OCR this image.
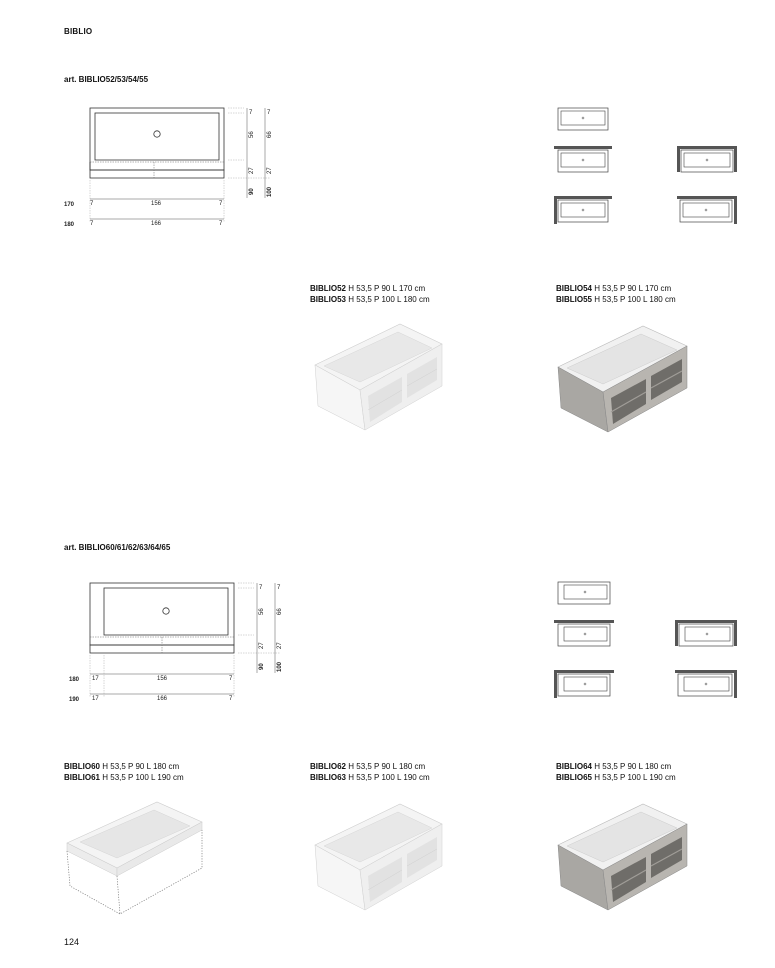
BIBLIO
art. BIBLIO52/53/54/55
7
56
27
90
7
66
27
100
170	7	156	7
180	7	166	7
BIBLIO52 H 53,5 P 90 L 170 cm
BIBLIO53 H 53,5 P 100 L 180 cm
BIBLIO54 H 53,5 P 90 L 170 cm
BIBLIO55 H 53,5 P 100 L 180 cm
art. BIBLIO60/61/62/63/64/65
7
56
27
90
7
66
27
100
180 17	156	7
190 17	166	7
BIBLIO60 H 53,5 P 90 L 180 cm
BIBLIO61 H 53,5 P 100 L 190 cm
BIBLIO62 H 53,5 P 90 L 180 cm
BIBLIO63 H 53,5 P 100 L 190 cm
BIBLIO64 H 53,5 P 90 L 180 cm
BIBLIO65 H 53,5 P 100 L 190 cm
124
